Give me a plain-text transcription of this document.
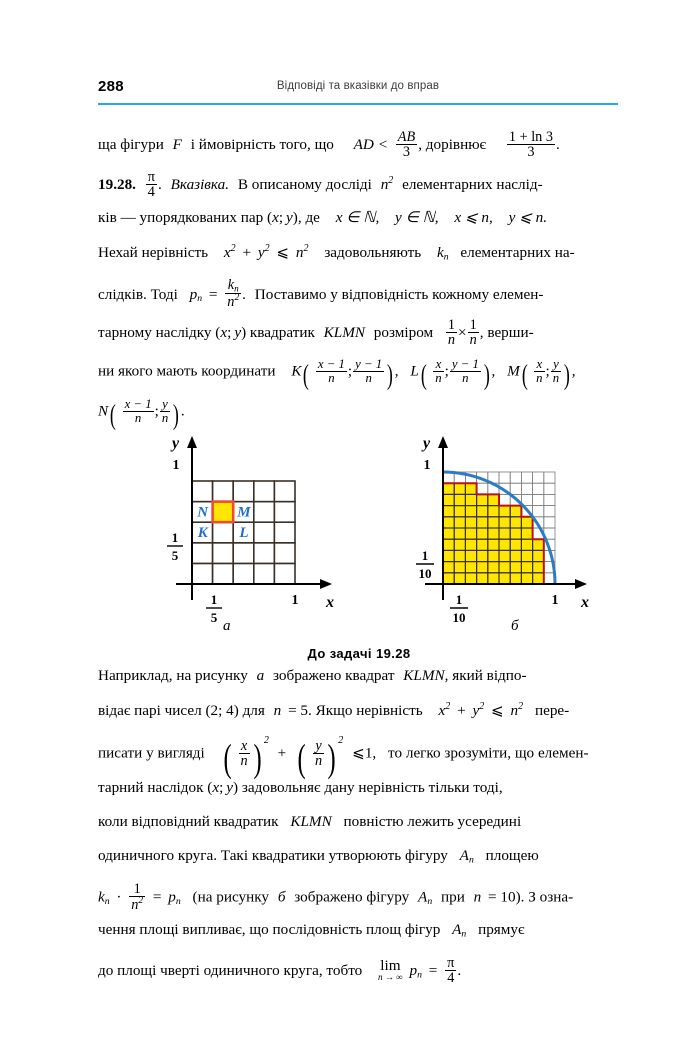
288	Відповіді та вказівки до вправ
ща фігури F і ймовірність того, що AD < $\frac{AB}{3}$ , дорівнює $\frac{1 + \ln 3}{3}$ .
19.28. $\frac{\pi}{4}$ . Вказівка. В описаному досліді $n^2$ елементарних наслід-
ків — упорядкованих пар (x; y), де x ∈ ℕ, y ∈ ℕ, x ⩽ n, y ⩽ n.
Нехай нерівність $x^2 + y^2$ ⩽ $n^2$ задовольняють $k_n$ елементарних на-
слідків. Тоді $p_n = \frac{k_n}{n^2}$ . Поставимо у відповідність кожному елемен-
тарному наслідку (x; y) квадратик KLMN розміром $\frac{1}{n} \times \frac{1}{n}$ , верши-
ни якого мають координати $K( \frac{x - 1}{n}$ ; $\frac{y - 1}{n}$ ) , $L( \frac{x}{n}$ ; $\frac{y - 1}{n}$ ) , $M( \frac{x}{n}$ ; $\frac{y}{n}$ ) ,
$N( \frac{x - 1}{n}$ ; $\frac{y}{n}$ ) .
N M
K L
x
y
1
1
1
5
1
5
а
x
y
1
1
1
10
1
10
б
До задачі 19.28
Наприклад, на рисунку а зображено квадрат KLMN, який відпо-
відає парі чисел (2; 4) для n = 5. Якщо нерівність $x^2 + y^2$ ⩽ $n^2$ пере-
писати у вигляді ( $\frac{x}{n}$ ) $^2$ + ( $\frac{y}{n}$ ) $^2$ ⩽1, то легко зрозуміти, що елемен-
тарний наслідок (x; y) задовольняє дану нерівність тільки тоді,
коли відповідний квадратик KLMN повністю лежить усередині
одиничного круга. Такі квадратики утворюють фігуру $A_n$ площею
$k_n \cdot \frac{1}{n^2} = p_n$ (на рисунку б зображено фігуру $A_n$ при n = 10). З озна-
чення площі випливає, що послідовність площ фігур $A_n$ прямує
до площі чверті одиничного круга, тобто lim
n → ∞ $p_n = \frac{\pi}{4}$ .
